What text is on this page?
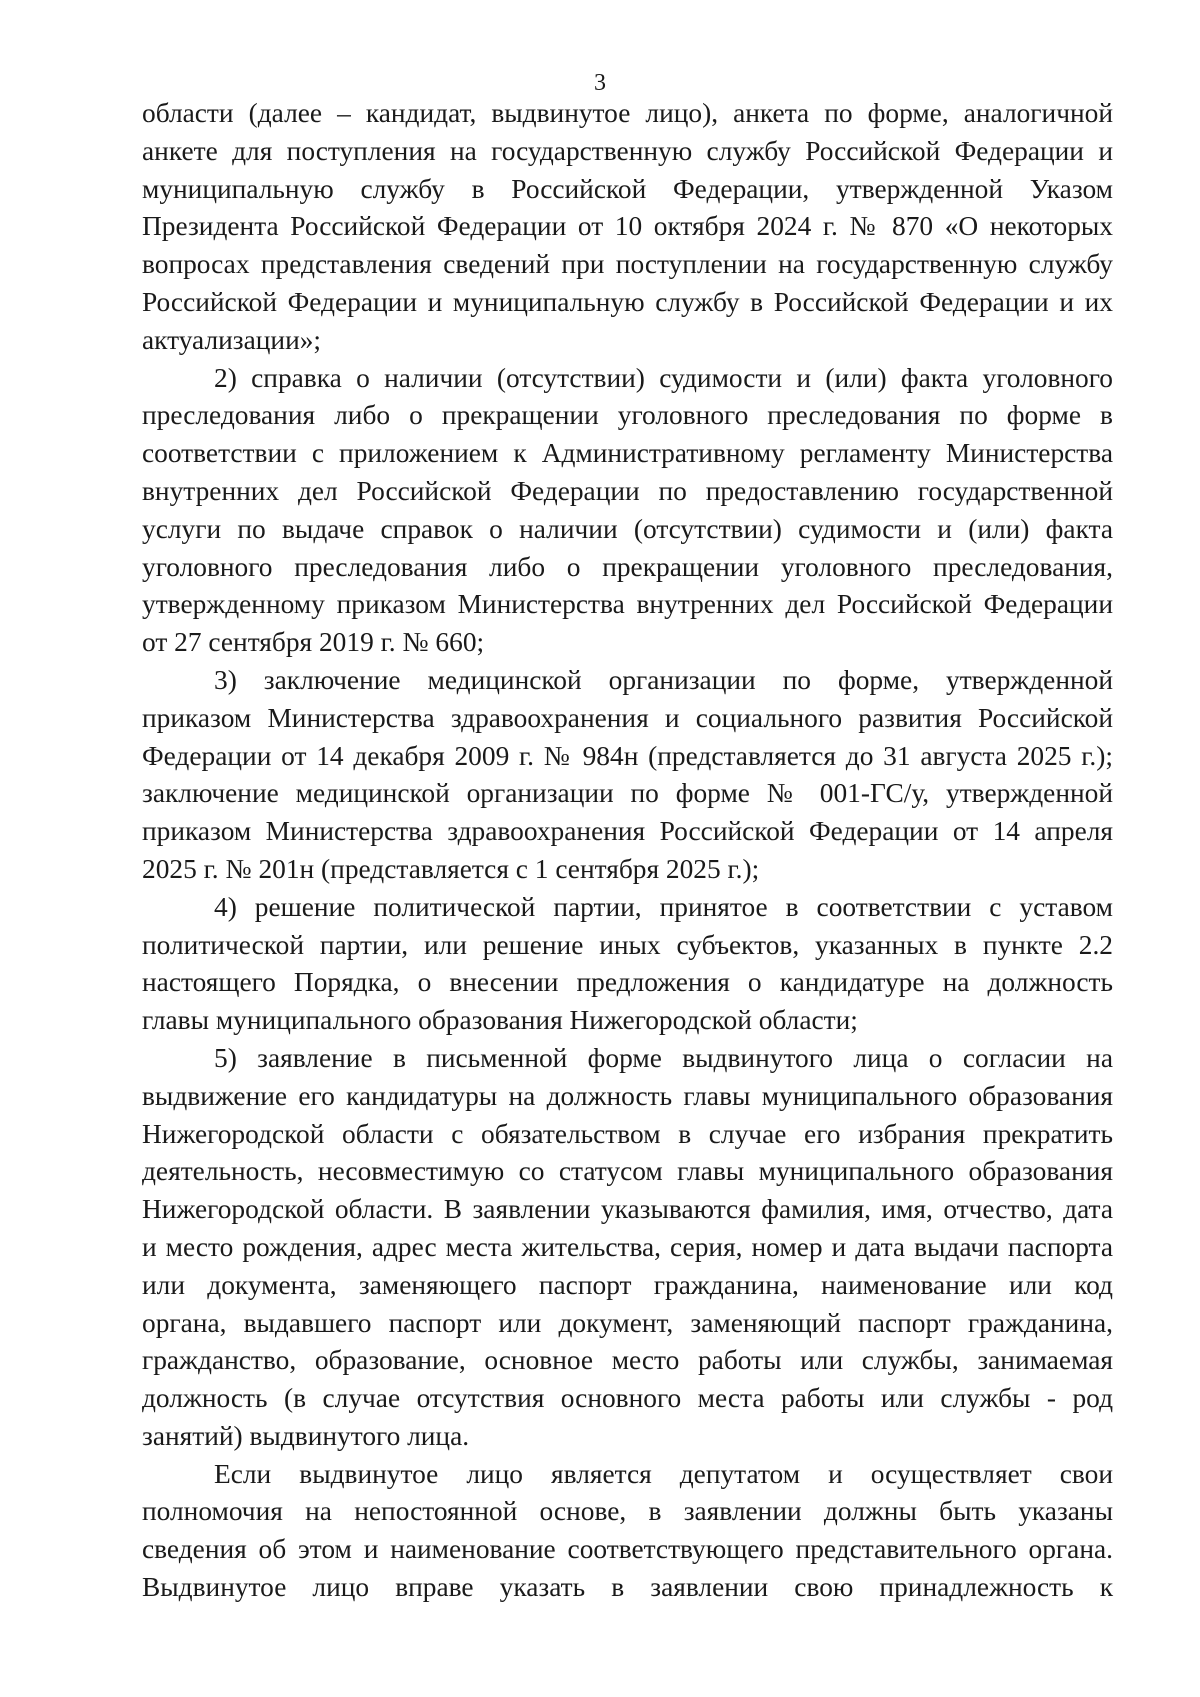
3
области (далее – кандидат, выдвинутое лицо), анкета по форме, аналогичной
анкете для поступления на государственную службу Российской Федерации и
муниципальную службу в Российской Федерации, утвержденной Указом
Президента Российской Федерации от 10 октября 2024 г. № 870 «О некоторых
вопросах представления сведений при поступлении на государственную службу
Российской Федерации и муниципальную службу в Российской Федерации и их
актуализации»;
2) справка о наличии (отсутствии) судимости и (или) факта уголовного
преследования либо о прекращении уголовного преследования по форме в
соответствии с приложением к Административному регламенту Министерства
внутренних дел Российской Федерации по предоставлению государственной
услуги по выдаче справок о наличии (отсутствии) судимости и (или) факта
уголовного преследования либо о прекращении уголовного преследования,
утвержденному приказом Министерства внутренних дел Российской Федерации
от 27 сентября 2019 г. № 660;
3) заключение медицинской организации по форме, утвержденной
приказом Министерства здравоохранения и социального развития Российской
Федерации от 14 декабря 2009 г. № 984н (представляется до 31 августа 2025 г.);
заключение медицинской организации по форме № 001-ГС/у, утвержденной
приказом Министерства здравоохранения Российской Федерации от 14 апреля
2025 г. № 201н (представляется с 1 сентября 2025 г.);
4) решение политической партии, принятое в соответствии с уставом
политической партии, или решение иных субъектов, указанных в пункте 2.2
настоящего Порядка, о внесении предложения о кандидатуре на должность
главы муниципального образования Нижегородской области;
5) заявление в письменной форме выдвинутого лица о согласии на
выдвижение его кандидатуры на должность главы муниципального образования
Нижегородской области с обязательством в случае его избрания прекратить
деятельность, несовместимую со статусом главы муниципального образования
Нижегородской области. В заявлении указываются фамилия, имя, отчество, дата
и место рождения, адрес места жительства, серия, номер и дата выдачи паспорта
или документа, заменяющего паспорт гражданина, наименование или код
органа, выдавшего паспорт или документ, заменяющий паспорт гражданина,
гражданство, образование, основное место работы или службы, занимаемая
должность (в случае отсутствия основного места работы или службы - род
занятий) выдвинутого лица.
Если выдвинутое лицо является депутатом и осуществляет свои
полномочия на непостоянной основе, в заявлении должны быть указаны
сведения об этом и наименование соответствующего представительного органа.
Выдвинутое лицо вправе указать в заявлении свою принадлежность к
